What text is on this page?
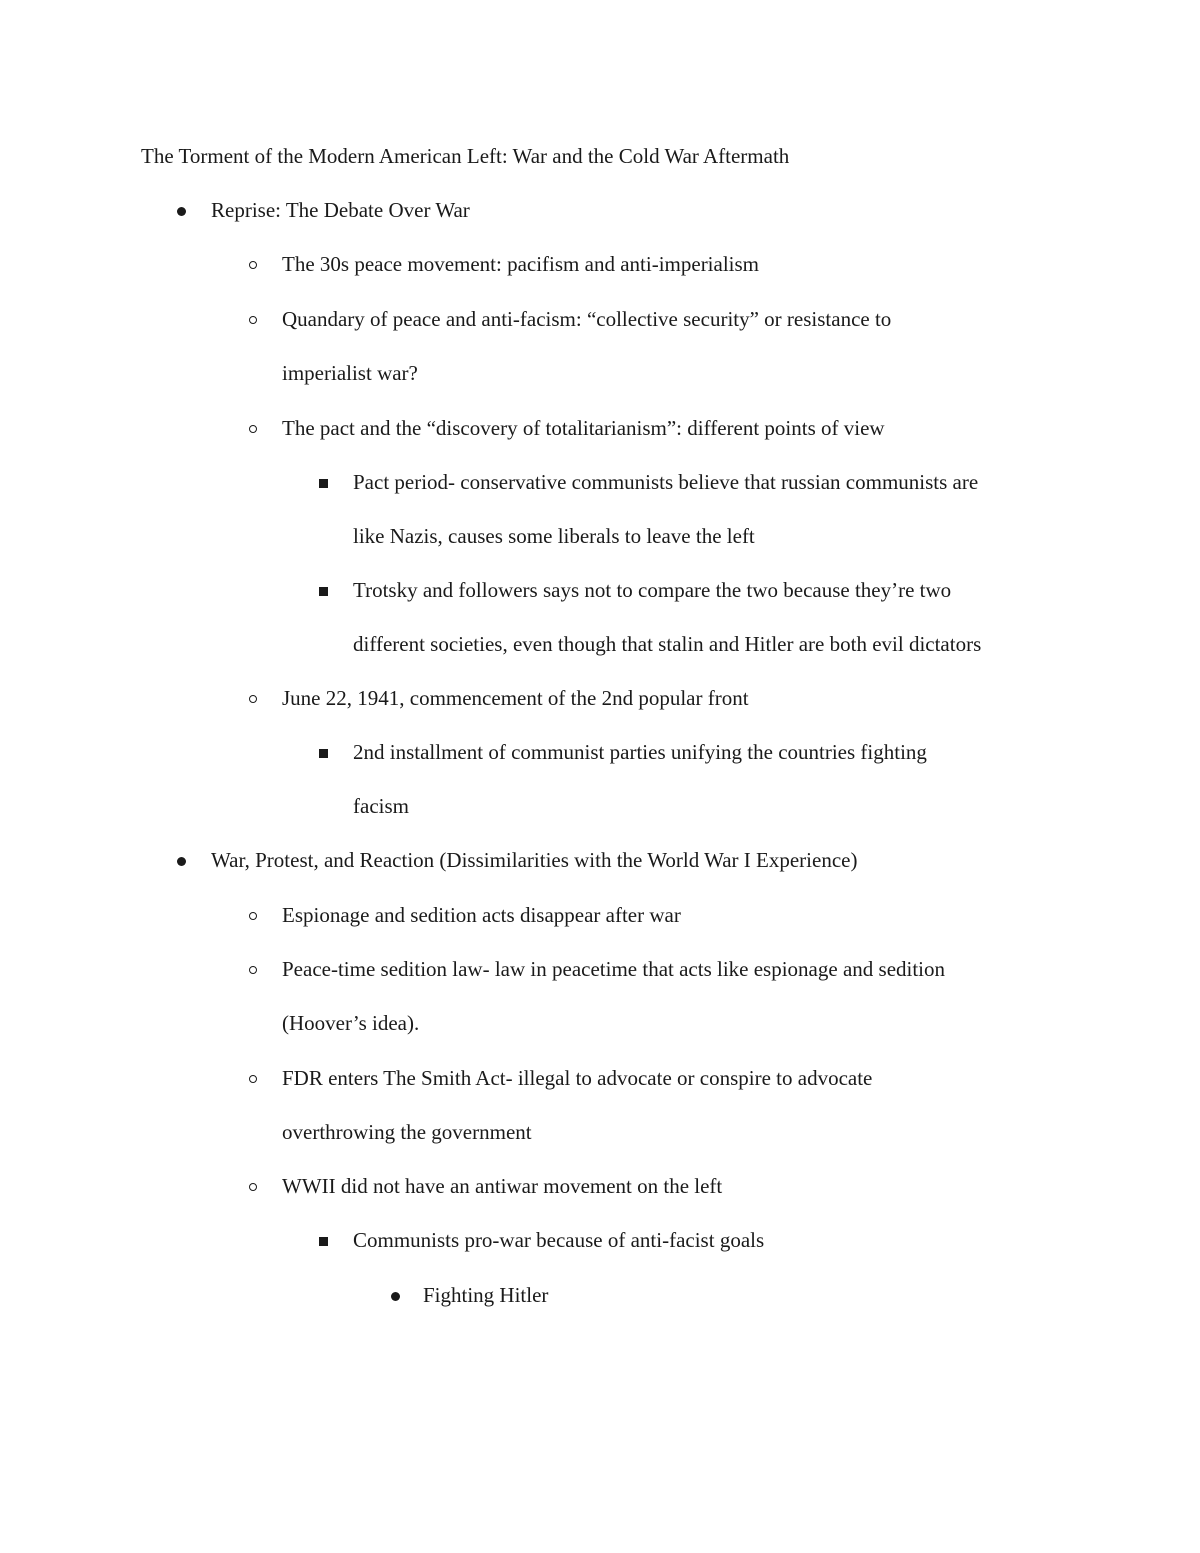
The Torment of the Modern American Left: War and the Cold War Aftermath
Reprise: The Debate Over War
The 30s peace movement: pacifism and anti-imperialism
Quandary of peace and anti-facism: “collective security” or resistance to
imperialist war?
The pact and the “discovery of totalitarianism”: different points of view
Pact period- conservative communists believe that russian communists are
like Nazis, causes some liberals to leave the left
Trotsky and followers says not to compare the two because they’re two
different societies, even though that stalin and Hitler are both evil dictators
June 22, 1941, commencement of the 2nd popular front
2nd installment of communist parties unifying the countries fighting
facism
War, Protest, and Reaction (Dissimilarities with the World War I Experience)
Espionage and sedition acts disappear after war
Peace-time sedition law- law in peacetime that acts like espionage and sedition
(Hoover’s idea).
FDR enters The Smith Act- illegal to advocate or conspire to advocate
overthrowing the government
WWII did not have an antiwar movement on the left
Communists pro-war because of anti-facist goals
Fighting Hitler
